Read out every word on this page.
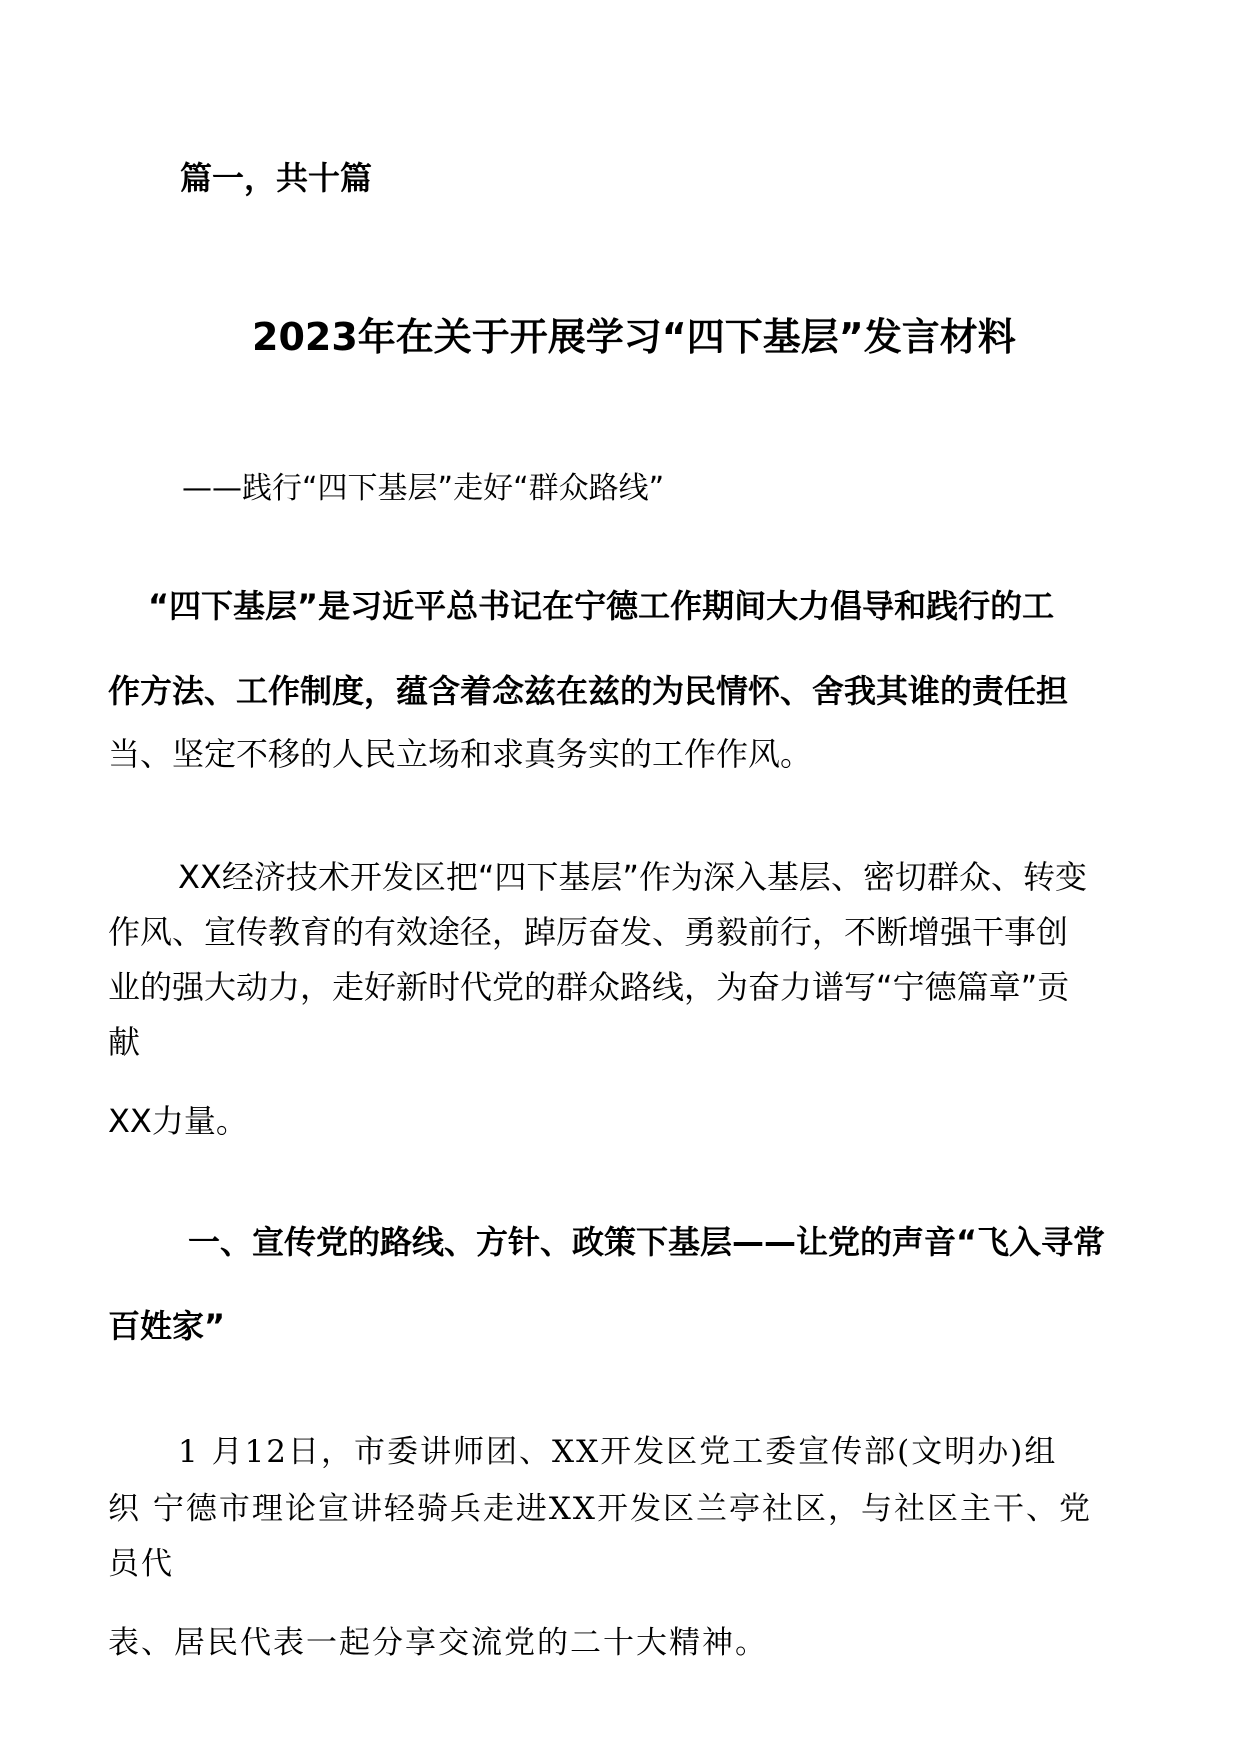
篇一，共十篇
2023年在关于开展学习“四下基层”发言材料
——践行“四下基层”走好“群众路线”
“四下基层”是习近平总书记在宁德工作期间大力倡导和践行的工
作方法、工作制度，蕴含着念兹在兹的为民情怀、舍我其谁的责任担
当、坚定不移的人民立场和求真务实的工作作风。
XX经济技术开发区把“四下基层”作为深入基层、密切群众、转变
作风、宣传教育的有效途径，踔厉奋发、勇毅前行，不断增强干事创
业的强大动力，走好新时代党的群众路线，为奋力谱写“宁德篇章”贡
献
XX力量。
一、宣传党的路线、方针、政策下基层——让党的声音“飞入寻常
百姓家”
1 月12日，市委讲师团、XX开发区党工委宣传部(文明办)组
织 宁德市理论宣讲轻骑兵走进XX开发区兰亭社区，与社区主干、党
员代
表、居民代表一起分享交流党的二十大精神。
